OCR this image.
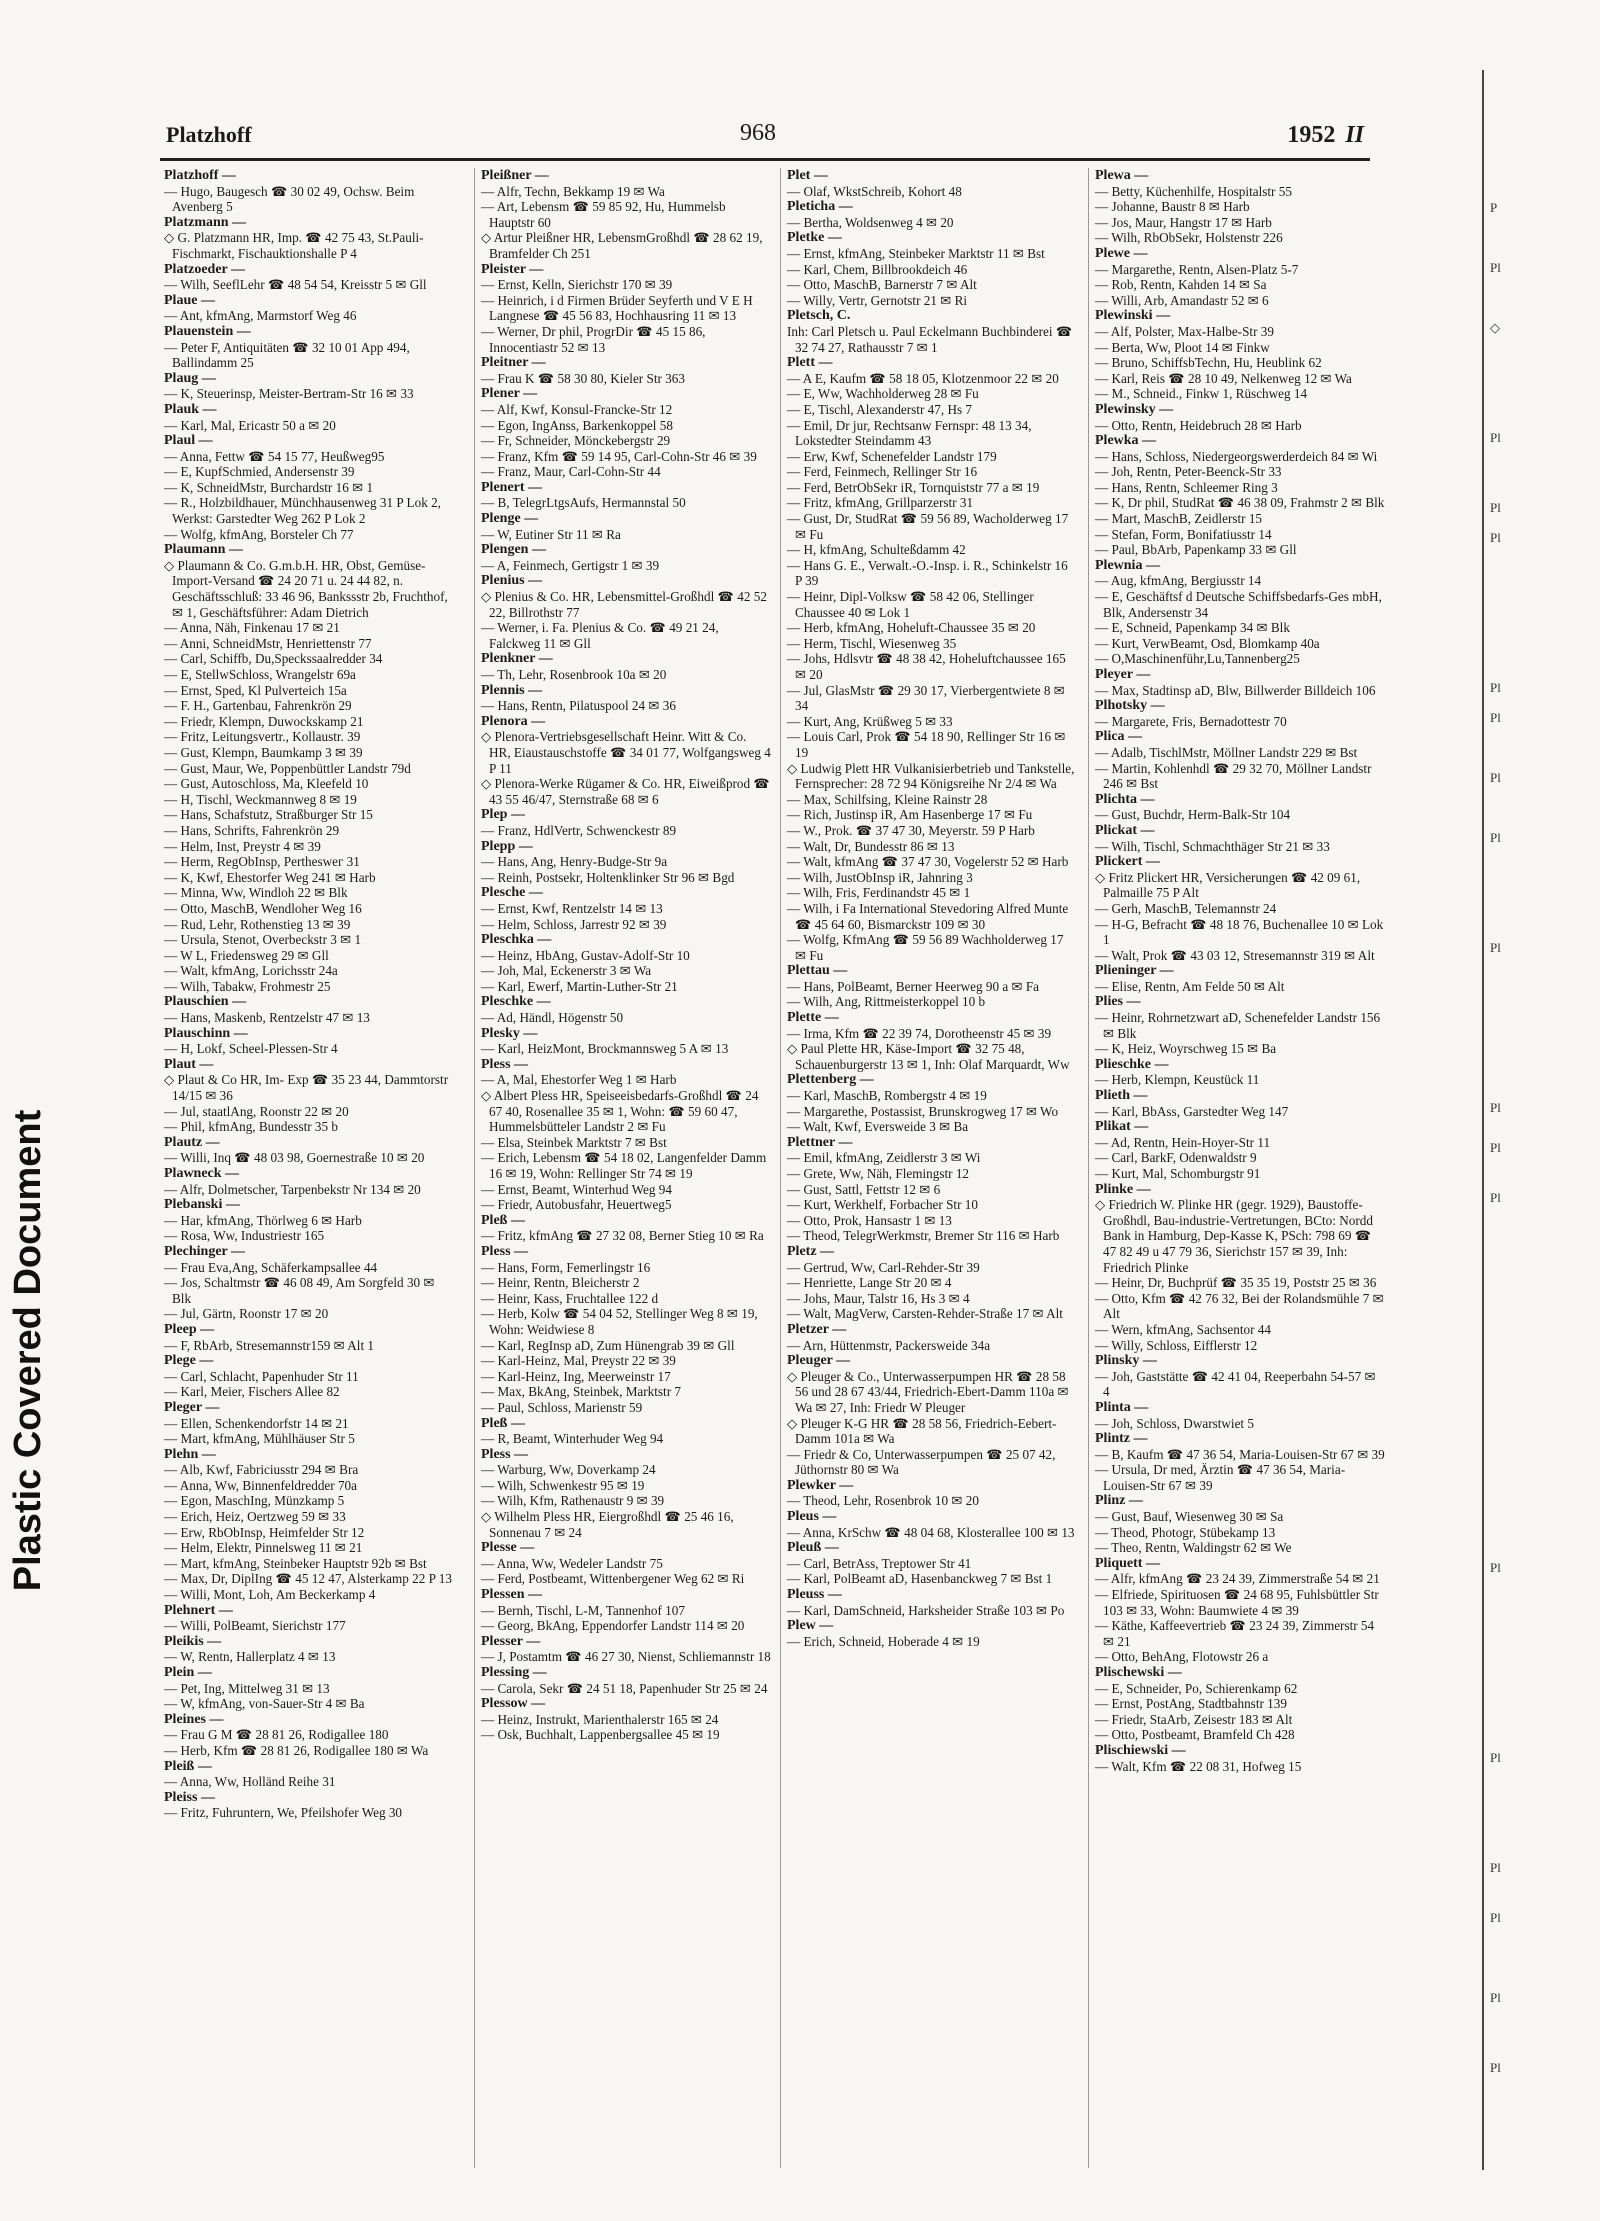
Plastic Covered Document
Platzhoff	968	1952 II

Platzhoff —

— Hugo, Baugesch ☎ 30 02 49, Ochsw. Beim Avenberg 5

Platzmann —

◇ G. Platzmann HR, Imp. ☎ 42 75 43, St.Pauli-Fischmarkt, Fischauktionshalle P 4

Platzoeder —

— Wilh, SeeflLehr ☎ 48 54 54, Kreisstr 5 ✉ Gll

Plaue —

— Ant, kfmAng, Marmstorf Weg 46

Plauenstein —

— Peter F, Antiquitäten ☎ 32 10 01 App 494, Ballindamm 25

Plaug —

— K, Steuerinsp, Meister-Bertram-Str 16 ✉ 33

Plauk —

— Karl, Mal, Ericastr 50 a ✉ 20

Plaul —

— Anna, Fettw ☎ 54 15 77, Heußweg95

— E, KupfSchmied, Andersenstr 39

— K, SchneidMstr, Burchardstr 16 ✉ 1

— R., Holzbildhauer, Münchhausenweg 31 P Lok 2, Werkst: Garstedter Weg 262 P Lok 2

— Wolfg, kfmAng, Borsteler Ch 77

Plaumann —

◇ Plaumann & Co. G.m.b.H. HR, Obst, Gemüse-Import-Versand ☎ 24 20 71 u. 24 44 82, n. Geschäftsschluß: 33 46 96, Bankssstr 2b, Fruchthof, ✉ 1, Geschäftsführer: Adam Dietrich

— Anna, Näh, Finkenau 17 ✉ 21

— Anni, SchneidMstr, Henriettenstr 77

— Carl, Schiffb, Du,Speckssaalredder 34

— E, StellwSchloss, Wrangelstr 69a

— Ernst, Sped, Kl Pulverteich 15a

— F. H., Gartenbau, Fahrenkrön 29

— Friedr, Klempn, Duwockskamp 21

— Fritz, Leitungsvertr., Kollaustr. 39

— Gust, Klempn, Baumkamp 3 ✉ 39

— Gust, Maur, We, Poppenbüttler Landstr 79d

— Gust, Autoschloss, Ma, Kleefeld 10

— H, Tischl, Weckmannweg 8 ✉ 19

— Hans, Schafstutz, Straßburger Str 15

— Hans, Schrifts, Fahrenkrön 29

— Helm, Inst, Preystr 4 ✉ 39

— Herm, RegObInsp, Pertheswег 31

— K, Kwf, Ehestorfer Weg 241 ✉ Harb

— Minna, Ww, Windloh 22 ✉ Blk

— Otto, MaschB, Wendloher Weg 16

— Rud, Lehr, Rothenstieg 13 ✉ 39

— Ursula, Stenot, Overbeckstr 3 ✉ 1

— W L, Friedensweg 29 ✉ Gll

— Walt, kfmAng, Lorichsstr 24a

— Wilh, Tabakw, Frohmestr 25

Plauschien —

— Hans, Maskenb, Rentzelstr 47 ✉ 13

Plauschinn —

— H, Lokf, Scheel-Plessen-Str 4

Plaut —

◇ Plaut & Co HR, Im- Exp ☎ 35 23 44, Dammtorstr 14/15 ✉ 36

— Jul, staatlAng, Roonstr 22 ✉ 20

— Phil, kfmAng, Bundesstr 35 b

Plautz —

— Willi, Inq ☎ 48 03 98, Goernestraße 10 ✉ 20

Plawneck —

— Alfr, Dolmetscher, Tarpenbekstr Nr 134 ✉ 20

Plebanski —

— Har, kfmAng, Thörlweg 6 ✉ Harb

— Rosa, Ww, Industriestr 165

Plechinger —

— Frau Eva,Ang, Schäferkampsallee 44

— Jos, Schaltmstr ☎ 46 08 49, Am Sorgfeld 30 ✉ Blk

— Jul, Gärtn, Roonstr 17 ✉ 20

Pleep —

— F, RbArb, Stresemannstr159 ✉ Alt 1

Plege —

— Carl, Schlacht, Papenhuder Str 11

— Karl, Meier, Fischers Allee 82

Pleger —

— Ellen, Schenkendorfstr 14 ✉ 21

— Mart, kfmAng, Mühlhäuser Str 5

Plehn —

— Alb, Kwf, Fabriciusstr 294 ✉ Bra

— Anna, Ww, Binnenfeldredder 70a

— Egon, MaschIng, Münzkamp 5

— Erich, Heiz, Oertzweg 59 ✉ 33

— Erw, RbObInsp, Heimfelder Str 12

— Helm, Elektr, Pinnelsweg 11 ✉ 21

— Mart, kfmAng, Steinbeker Hauptstr 92b ✉ Bst

— Max, Dr, DiplIng ☎ 45 12 47, Alsterkamp 22 P 13

— Willi, Mont, Loh, Am Beckerkamp 4

Plehnert —

— Willi, PolBeamt, Sierichstr 177

Pleikis —

— W, Rentn, Hallerplatz 4 ✉ 13

Plein —

— Pet, Ing, Mittelweg 31 ✉ 13

— W, kfmAng, von-Sauer-Str 4 ✉ Ba

Pleines —

— Frau G M ☎ 28 81 26, Rodigallee 180

— Herb, Kfm ☎ 28 81 26, Rodigallee 180 ✉ Wa

Pleiß —

— Anna, Ww, Holländ Reihe 31

Pleiss —

— Fritz, Fuhruntern, We, Pfeilshofer Weg 30

Pleißner —

— Alfr, Techn, Bekkamp 19 ✉ Wa

— Art, Lebensm ☎ 59 85 92, Hu, Hummelsb Hauptstr 60

◇ Artur Pleißner HR, LebensmGroßhdl ☎ 28 62 19, Bramfelder Ch 251

Pleister —

— Ernst, Kelln, Sierichstr 170 ✉ 39

— Heinrich, i d Firmen Brüder Seyferth und V E H Langnese ☎ 45 56 83, Hochhausring 11 ✉ 13

— Werner, Dr phil, ProgrDir ☎ 45 15 86, Innocentiastr 52 ✉ 13

Pleitner —

— Frau K ☎ 58 30 80, Kieler Str 363

Plener —

— Alf, Kwf, Konsul-Francke-Str 12

— Egon, IngAnss, Barkenkoppel 58

— Fr, Schneider, Mönckebergstr 29

— Franz, Kfm ☎ 59 14 95, Carl-Cohn-Str 46 ✉ 39

— Franz, Maur, Carl-Cohn-Str 44

Plenert —

— B, TelegrLtgsAufs, Hermannstal 50

Plenge —

— W, Eutiner Str 11 ✉ Ra

Plengen —

— A, Feinmech, Gertigstr 1 ✉ 39

Plenius —

◇ Plenius & Co. HR, Lebensmittel-Großhdl ☎ 42 52 22, Billrothstr 77

— Werner, i. Fa. Plenius & Co. ☎ 49 21 24, Falckweg 11 ✉ Gll

Plenkner —

— Th, Lehr, Rosenbrook 10a ✉ 20

Plennis —

— Hans, Rentn, Pilatuspool 24 ✉ 36

Plenora —

◇ Plenora-Vertriebsgesellschaft Heinr. Witt & Co. HR, Eiaustauschstoffe ☎ 34 01 77, Wolfgangsweg 4 P 11

◇ Plenora-Werke Rügamer & Co. HR, Eiweißprod ☎ 43 55 46/47, Sternstraße 68 ✉ 6

Plep —

— Franz, HdlVertr, Schwenckestr 89

Plepp —

— Hans, Ang, Henry-Budge-Str 9a

— Reinh, Postsekr, Holtenklinker Str 96 ✉ Bgd

Plesche —

— Ernst, Kwf, Rentzelstr 14 ✉ 13

— Helm, Schloss, Jarrestr 92 ✉ 39

Pleschka —

— Heinz, HbAng, Gustav-Adolf-Str 10

— Joh, Mal, Eckenerstr 3 ✉ Wa

— Karl, Ewerf, Martin-Luther-Str 21

Pleschke —

— Ad, Händl, Högenstr 50

Plesky —

— Karl, HeizMont, Brockmannsweg 5 A ✉ 13

Pless —

— A, Mal, Ehestorfer Weg 1 ✉ Harb

◇ Albert Pless HR, Speiseeisbedarfs-Großhdl ☎ 24 67 40, Rosenallee 35 ✉ 1, Wohn: ☎ 59 60 47, Hummelsbütteler Landstr 2 ✉ Fu

— Elsa, Steinbek Marktstr 7 ✉ Bst

— Erich, Lebensm ☎ 54 18 02, Langenfelder Damm 16 ✉ 19, Wohn: Rellinger Str 74 ✉ 19

— Ernst, Beamt, Winterhud Weg 94

— Friedr, Autobusfahr, Heuertweg5

Pleß —

— Fritz, kfmAng ☎ 27 32 08, Berner Stieg 10 ✉ Ra

Pless —

— Hans, Form, Femerlingstr 16

— Heinr, Rentn, Bleicherstr 2

— Heinr, Kass, Fruchtallee 122 d

— Herb, Kolw ☎ 54 04 52, Stellinger Weg 8 ✉ 19, Wohn: Weidwiese 8

— Karl, RegInsp aD, Zum Hünengrab 39 ✉ Gll

— Karl-Heinz, Mal, Preystr 22 ✉ 39

— Karl-Heinz, Ing, Meerweinstr 17

— Max, BkAng, Steinbek, Marktstr 7

— Paul, Schloss, Marienstr 59

Pleß —

— R, Beamt, Winterhuder Weg 94

Pless —

— Warburg, Ww, Doverkamp 24

— Wilh, Schwenkestr 95 ✉ 19

— Wilh, Kfm, Rathenaustr 9 ✉ 39

◇ Wilhelm Pless HR, Eiergroßhdl ☎ 25 46 16, Sonnenau 7 ✉ 24

Plesse —

— Anna, Ww, Wedeler Landstr 75

— Ferd, Postbeamt, Wittenbergener Weg 62 ✉ Ri

Plessen —

— Bernh, Tischl, L-M, Tannenhof 107

— Georg, BkAng, Eppendorfer Landstr 114 ✉ 20

Plesser —

— J, Postamtm ☎ 46 27 30, Nienst, Schliemannstr 18

Plessing —

— Carola, Sekr ☎ 24 51 18, Papenhuder Str 25 ✉ 24

Plessow —

— Heinz, Instrukt, Marienthalerstr 165 ✉ 24

— Osk, Buchhalt, Lappenbergsallee 45 ✉ 19

Plet —

— Olaf, WkstSchreib, Kohort 48

Pleticha —

— Bertha, Woldsenweg 4 ✉ 20

Pletke —

— Ernst, kfmAng, Steinbeker Marktstr 11 ✉ Bst

— Karl, Chem, Billbrookdeich 46

— Otto, MaschB, Barnerstr 7 ✉ Alt

— Willy, Vertr, Gernotstr 21 ✉ Ri

Pletsch, C.

Inh: Carl Pletsch u. Paul Eckelmann Buchbinderei ☎ 32 74 27, Rathausstr 7 ✉ 1

Plett —

— A E, Kaufm ☎ 58 18 05, Klotzenmoor 22 ✉ 20

— E, Ww, Wachholderweg 28 ✉ Fu

— E, Tischl, Alexanderstr 47, Hs 7

— Emil, Dr jur, Rechtsanw Fernspr: 48 13 34, Lokstedter Steindamm 43

— Erw, Kwf, Schenefelder Landstr 179

— Ferd, Feinmech, Rellinger Str 16

— Ferd, BetrObSekr iR, Tornquiststr 77 a ✉ 19

— Fritz, kfmAng, Grillparzerstr 31

— Gust, Dr, StudRat ☎ 59 56 89, Wacholderweg 17 ✉ Fu

— H, kfmAng, Schulteßdamm 42

— Hans G. E., Verwalt.-O.-Insp. i. R., Schinkelstr 16 P 39

— Heinr, Dipl-Volksw ☎ 58 42 06, Stellinger Chaussee 40 ✉ Lok 1

— Herb, kfmAng, Hoheluft-Chaussee 35 ✉ 20

— Herm, Tischl, Wiesenweg 35

— Johs, Hdlsvtr ☎ 48 38 42, Hoheluftchaussee 165 ✉ 20

— Jul, GlasMstr ☎ 29 30 17, Vierbergentwiete 8 ✉ 34

— Kurt, Ang, Krüßweg 5 ✉ 33

— Louis Carl, Prok ☎ 54 18 90, Rellinger Str 16 ✉ 19

◇ Ludwig Plett HR Vulkanisierbetrieb und Tankstelle, Fernsprecher: 28 72 94 Königsreihe Nr 2/4 ✉ Wa

— Max, Schilfsing, Kleine Rainstr 28

— Rich, Justinsp iR, Am Hasenberge 17 ✉ Fu

— W., Prok. ☎ 37 47 30, Meyerstr. 59 P Harb

— Walt, Dr, Bundesstr 86 ✉ 13

— Walt, kfmAng ☎ 37 47 30, Vogelerstr 52 ✉ Harb

— Wilh, JustObInsp iR, Jahnring 3

— Wilh, Fris, Ferdinandstr 45 ✉ 1

— Wilh, i Fa International Stevedoring Alfred Munte ☎ 45 64 60, Bismarckstr 109 ✉ 30

— Wolfg, KfmAng ☎ 59 56 89 Wachholderweg 17 ✉ Fu

Plettau —

— Hans, PolBeamt, Berner Heerweg 90 a ✉ Fa

— Wilh, Ang, Rittmeisterkoppel 10 b

Plette —

— Irma, Kfm ☎ 22 39 74, Dorotheenstr 45 ✉ 39

◇ Paul Plette HR, Käse-Import ☎ 32 75 48, Schauenburgerstr 13 ✉ 1, Inh: Olaf Marquardt, Ww

Plettenberg —

— Karl, MaschB, Rombergstr 4 ✉ 19

— Margarethe, Postassist, Brunskrogweg 17 ✉ Wo

— Walt, Kwf, Eversweide 3 ✉ Ba

Plettner —

— Emil, kfmAng, Zeidlerstr 3 ✉ Wi

— Grete, Ww, Näh, Flemingstr 12

— Gust, Sattl, Fettstr 12 ✉ 6

— Kurt, Werkhelf, Forbacher Str 10

— Otto, Prok, Hansastr 1 ✉ 13

— Theod, TelegrWerkmstr, Bremer Str 116 ✉ Harb

Pletz —

— Gertrud, Ww, Carl-Rehder-Str 39

— Henriette, Lange Str 20 ✉ 4

— Johs, Maur, Talstr 16, Hs 3 ✉ 4

— Walt, MagVerw, Carsten-Rehder-Straße 17 ✉ Alt

Pletzer —

— Arn, Hüttenmstr, Packersweide 34a

Pleuger —

◇ Pleuger & Co., Unterwasserpumpen HR ☎ 28 58 56 und 28 67 43/44, Friedrich-Ebert-Damm 110a ✉ Wa ✉ 27, Inh: Friedr W Pleuger

◇ Pleuger K-G HR ☎ 28 58 56, Friedrich-Eebert-Damm 101a ✉ Wa

— Friedr & Co, Unterwasserpumpen ☎ 25 07 42, Jüthornstr 80 ✉ Wa

Plewker —

— Theod, Lehr, Rosenbrok 10 ✉ 20

Pleus —

— Anna, KrSchw ☎ 48 04 68, Klosterallee 100 ✉ 13

Pleuß —

— Carl, BetrAss, Treptower Str 41

— Karl, PolBeamt aD, Hasenbanckweg 7 ✉ Bst 1

Pleuss —

— Karl, DamSchneid, Harksheider Straße 103 ✉ Po

Plew —

— Erich, Schneid, Hoberade 4 ✉ 19

Plewa —

— Betty, Küchenhilfe, Hospitalstr 55

— Johanne, Baustr 8 ✉ Harb

— Jos, Maur, Hangstr 17 ✉ Harb

— Wilh, RbObSekr, Holstenstr 226

Plewe —

— Margarethe, Rentn, Alsen-Platz 5-7

— Rob, Rentn, Kahden 14 ✉ Sa

— Willi, Arb, Amandastr 52 ✉ 6

Plewinski —

— Alf, Polster, Max-Halbe-Str 39

— Berta, Ww, Ploot 14 ✉ Finkw

— Bruno, SchiffsbTechn, Hu, Heublink 62

— Karl, Reis ☎ 28 10 49, Nelkenweg 12 ✉ Wa

— M., Schneid., Finkw 1, Rüschweg 14

Plewinsky —

— Otto, Rentn, Heidebruch 28 ✉ Harb

Plewka —

— Hans, Schloss, Niedergeorgswerderdeich 84 ✉ Wi

— Joh, Rentn, Peter-Beenck-Str 33

— Hans, Rentn, Schleemer Ring 3

— K, Dr phil, StudRat ☎ 46 38 09, Frahmstr 2 ✉ Blk

— Mart, MaschB, Zeidlerstr 15

— Stefan, Form, Bonifatiusstr 14

— Paul, BbArb, Papenkamp 33 ✉ Gll

Plewnia —

— Aug, kfmAng, Bergiusstr 14

— E, Geschäftsf d Deutsche Schiffsbedarfs-Ges mbH, Blk, Andersenstr 34

— E, Schneid, Papenkamp 34 ✉ Blk

— Kurt, VerwBeamt, Osd, Blomkamp 40a

— O,Maschinenführ,Lu,Tannenberg25

Pleyer —

— Max, Stadtinsp aD, Blw, Billwerder Billdeich 106

Plhotsky —

— Margarete, Fris, Bernadottestr 70

Plica —

— Adalb, TischlMstr, Möllner Landstr 229 ✉ Bst

— Martin, Kohlenhdl ☎ 29 32 70, Möllner Landstr 246 ✉ Bst

Plichta —

— Gust, Buchdr, Herm-Balk-Str 104

Plickat —

— Wilh, Tischl, Schmachthäger Str 21 ✉ 33

Plickert —

◇ Fritz Plickert HR, Versicherungen ☎ 42 09 61, Palmaille 75 P Alt

— Gerh, MaschB, Telemannstr 24

— H-G, Befracht ☎ 48 18 76, Buchenallee 10 ✉ Lok 1

— Walt, Prok ☎ 43 03 12, Stresemannstr 319 ✉ Alt

Plieninger —

— Elise, Rentn, Am Felde 50 ✉ Alt

Plies —

— Heinr, Rohrnetzwart aD, Schenefelder Landstr 156 ✉ Blk

— K, Heiz, Woyrschweg 15 ✉ Ba

Plieschke —

— Herb, Klempn, Keustück 11

Plieth —

— Karl, BbAss, Garstedter Weg 147

Plikat —

— Ad, Rentn, Hein-Hoyer-Str 11

— Carl, BarkF, Odenwaldstr 9

— Kurt, Mal, Schomburgstr 91

Plinke —

◇ Friedrich W. Plinke HR (gegr. 1929), Baustoffe-Großhdl, Bau-industrie-Vertretungen, BCto: Nordd Bank in Hamburg, Dep-Kasse K, PSch: 798 69 ☎ 47 82 49 u 47 79 36, Sierichstr 157 ✉ 39, Inh: Friedrich Plinke

— Heinr, Dr, Buchprüf ☎ 35 35 19, Poststr 25 ✉ 36

— Otto, Kfm ☎ 42 76 32, Bei der Rolandsmühle 7 ✉ Alt

— Wern, kfmAng, Sachsentor 44

— Willy, Schloss, Eifflerstr 12

Plinsky —

— Joh, Gaststätte ☎ 42 41 04, Reeperbahn 54-57 ✉ 4

Plinta —

— Joh, Schloss, Dwarstwiet 5

Plintz —

— B, Kaufm ☎ 47 36 54, Maria-Louisen-Str 67 ✉ 39

— Ursula, Dr med, Ärztin ☎ 47 36 54, Maria-Louisen-Str 67 ✉ 39

Plinz —

— Gust, Bauf, Wiesenweg 30 ✉ Sa

— Theod, Photogr, Stübekamp 13

— Theo, Rentn, Waldingstr 62 ✉ We

Pliquett —

— Alfr, kfmAng ☎ 23 24 39, Zimmerstraße 54 ✉ 21

— Elfriede, Spirituosen ☎ 24 68 95, Fuhlsbüttler Str 103 ✉ 33, Wohn: Baumwiete 4 ✉ 39

— Käthe, Kaffeevertrieb ☎ 23 24 39, Zimmerstr 54 ✉ 21

— Otto, BehAng, Flotowstr 26 a

Plischewski —

— E, Schneider, Po, Schierenkamp 62

— Ernst, PostAng, Stadtbahnstr 139

— Friedr, StaArb, Zeisestr 183 ✉ Alt

— Otto, Postbeamt, Bramfeld Ch 428

Plischiewski —

— Walt, Kfm ☎ 22 08 31, Hofweg 15

P
Pl
◇
Pl
Pl
Pl
Pl
Pl
Pl
Pl
Pl
Pl
Pl
Pl
Pl
Pl
Pl
Pl
Pl
Pl
